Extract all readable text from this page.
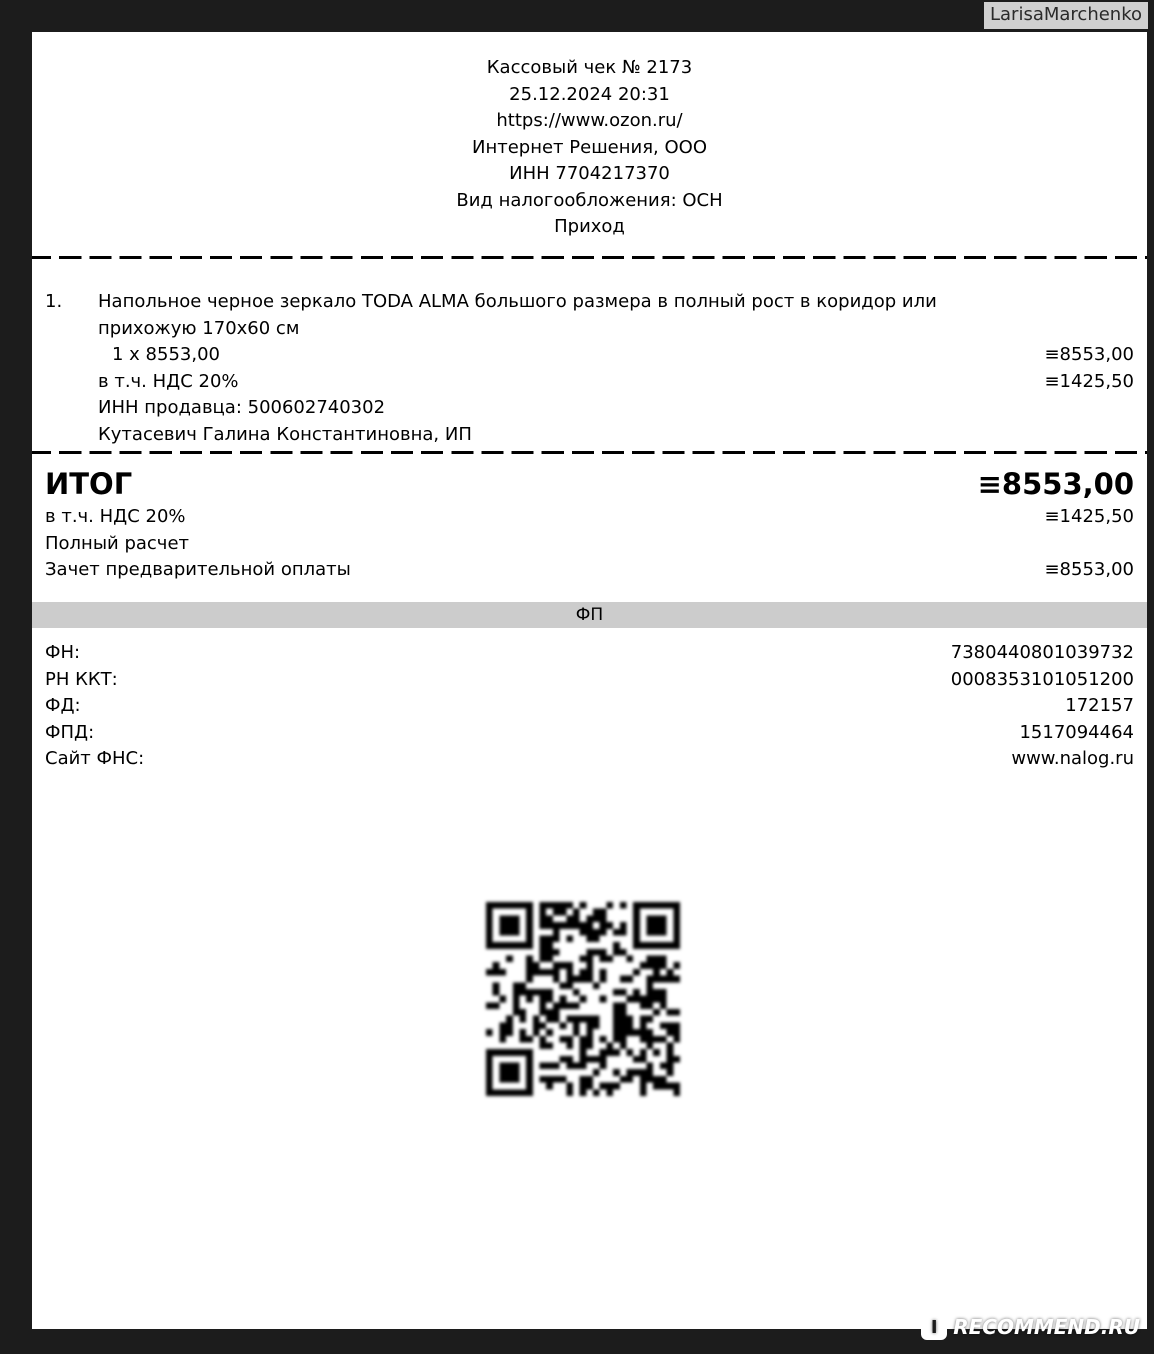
LarisaMarchenko
Кассовый чек № 2173
25.12.2024 20:31
https://www.ozon.ru/
Интернет Решения, ООО
ИНН 7704217370
Вид налогообложения: ОСН
Приход
1.	Напольное черное зеркало TODA ALMA большого размера в полный рост в коридор или
прихожую 170х60 см
1 x 8553,00	≡8553,00
в т.ч. НДС 20%	≡1425,50
ИНН продавца: 500602740302
Кутасевич Галина Константиновна, ИП
ИТОГ	≡8553,00
в т.ч. НДС 20%	≡1425,50
Полный расчет
Зачет предварительной оплаты	≡8553,00
ФП
ФН:	7380440801039732
РН ККТ:	0008353101051200
ФД:	172157
ФПД:	1517094464
Сайт ФНС:	www.nalog.ru
I RECOMMEND.RU
